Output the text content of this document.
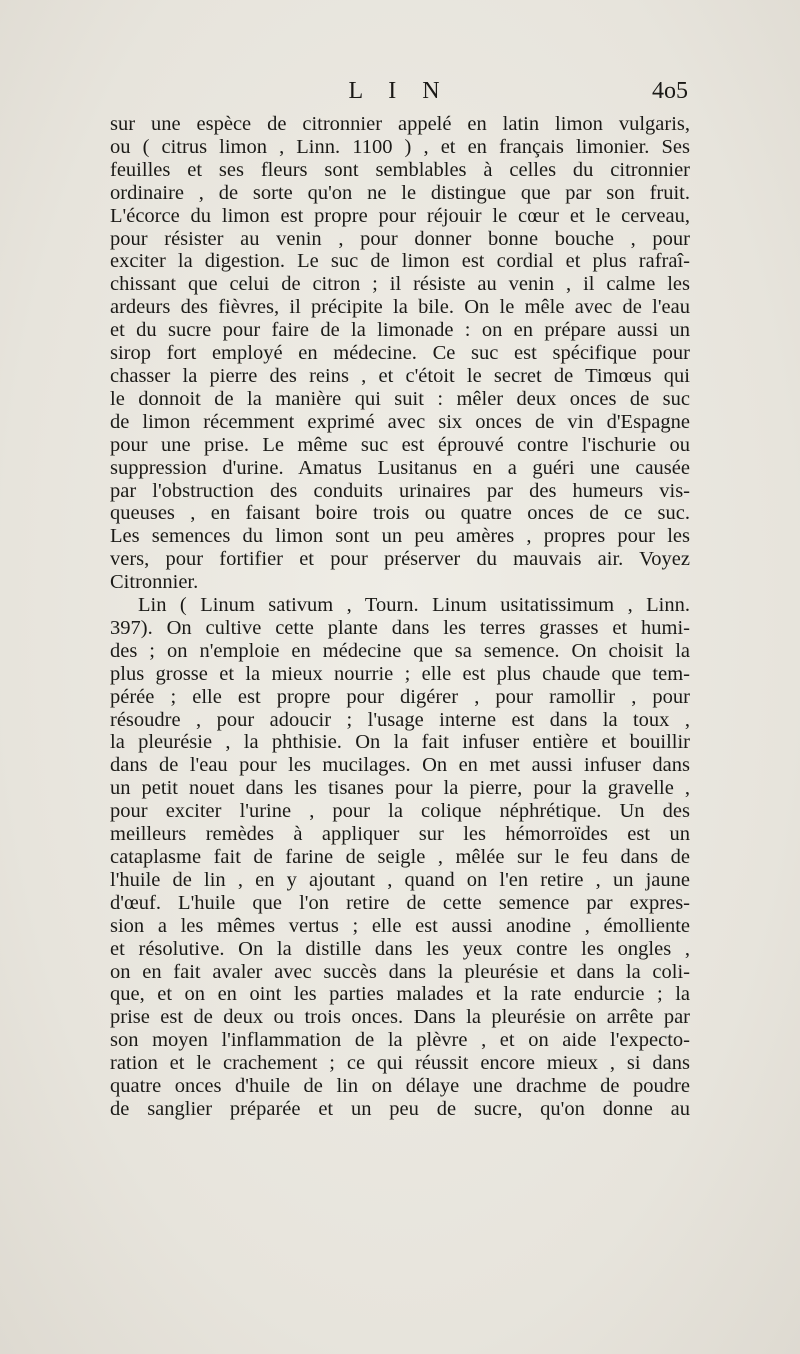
L I N	4o5
sur une espèce de citronnier appelé en latin limon vulgaris,
ou ( citrus limon , Linn. 1100 ) , et en français limonier. Ses
feuilles et ses fleurs sont semblables à celles du citronnier
ordinaire , de sorte qu'on ne le distingue que par son fruit.
L'écorce du limon est propre pour réjouir le cœur et le cerveau,
pour résister au venin , pour donner bonne bouche , pour
exciter la digestion. Le suc de limon est cordial et plus rafraî-
chissant que celui de citron ; il résiste au venin , il calme les
ardeurs des fièvres, il précipite la bile. On le mêle avec de l'eau
et du sucre pour faire de la limonade : on en prépare aussi un
sirop fort employé en médecine. Ce suc est spécifique pour
chasser la pierre des reins , et c'étoit le secret de Timœus qui
le donnoit de la manière qui suit : mêler deux onces de suc
de limon récemment exprimé avec six onces de vin d'Espagne
pour une prise. Le même suc est éprouvé contre l'ischurie ou
suppression d'urine. Amatus Lusitanus en a guéri une causée
par l'obstruction des conduits urinaires par des humeurs vis-
queuses , en faisant boire trois ou quatre onces de ce suc.
Les semences du limon sont un peu amères , propres pour les
vers, pour fortifier et pour préserver du mauvais air. Voyez
Citronnier.
Lin ( Linum sativum , Tourn. Linum usitatissimum , Linn.
397). On cultive cette plante dans les terres grasses et humi-
des ; on n'emploie en médecine que sa semence. On choisit la
plus grosse et la mieux nourrie ; elle est plus chaude que tem-
pérée ; elle est propre pour digérer , pour ramollir , pour
résoudre , pour adoucir ; l'usage interne est dans la toux ,
la pleurésie , la phthisie. On la fait infuser entière et bouillir
dans de l'eau pour les mucilages. On en met aussi infuser dans
un petit nouet dans les tisanes pour la pierre, pour la gravelle ,
pour exciter l'urine , pour la colique néphrétique. Un des
meilleurs remèdes à appliquer sur les hémorroïdes est un
cataplasme fait de farine de seigle , mêlée sur le feu dans de
l'huile de lin , en y ajoutant , quand on l'en retire , un jaune
d'œuf. L'huile que l'on retire de cette semence par expres-
sion a les mêmes vertus ; elle est aussi anodine , émolliente
et résolutive. On la distille dans les yeux contre les ongles ,
on en fait avaler avec succès dans la pleurésie et dans la coli-
que, et on en oint les parties malades et la rate endurcie ; la
prise est de deux ou trois onces. Dans la pleurésie on arrête par
son moyen l'inflammation de la plèvre , et on aide l'expecto-
ration et le crachement ; ce qui réussit encore mieux , si dans
quatre onces d'huile de lin on délaye une drachme de poudre
de sanglier préparée et un peu de sucre, qu'on donne au
